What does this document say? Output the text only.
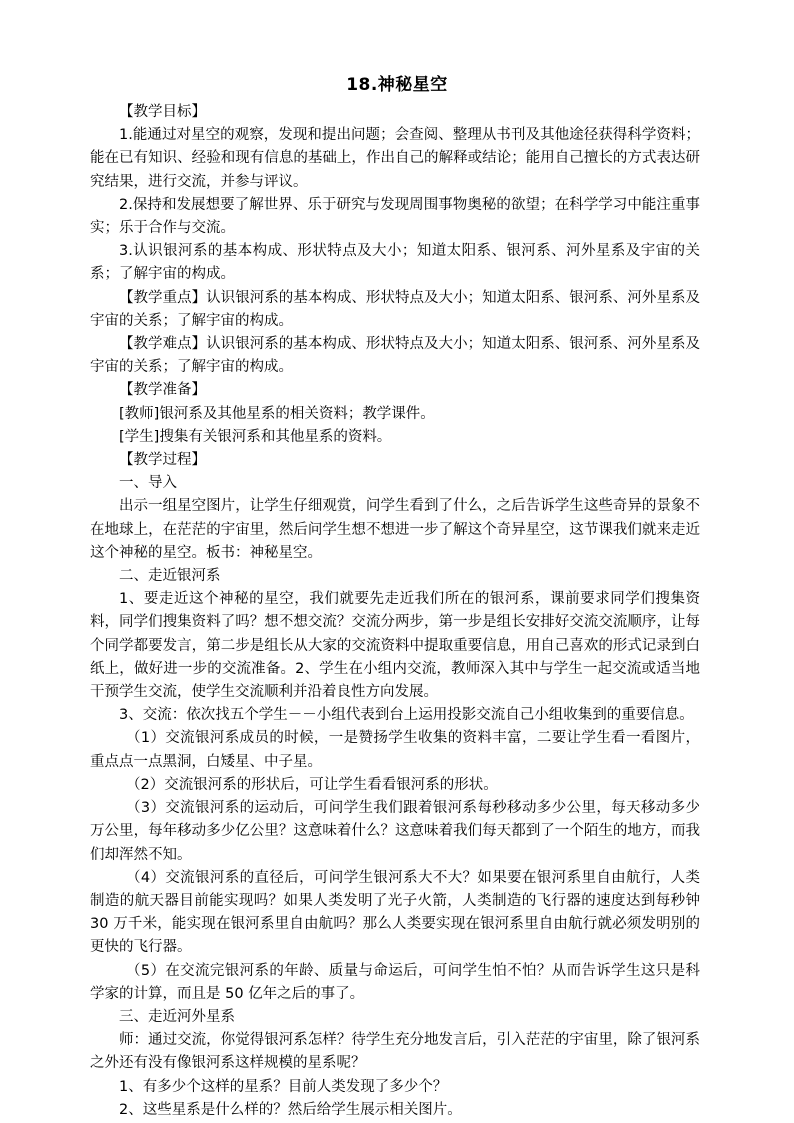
18.神秘星空

【教学目标】

1.能通过对星空的观察，发现和提出问题；会查阅、整理从书刊及其他途径获得科学资料；能在已有知识、经验和现有信息的基础上，作出自己的解释或结论；能用自己擅长的方式表达研究结果，进行交流，并参与评议。

2.保持和发展想要了解世界、乐于研究与发现周围事物奥秘的欲望；在科学学习中能注重事实；乐于合作与交流。

3.认识银河系的基本构成、形状特点及大小；知道太阳系、银河系、河外星系及宇宙的关系；了解宇宙的构成。

【教学重点】认识银河系的基本构成、形状特点及大小；知道太阳系、银河系、河外星系及宇宙的关系；了解宇宙的构成。

【教学难点】认识银河系的基本构成、形状特点及大小；知道太阳系、银河系、河外星系及宇宙的关系；了解宇宙的构成。

【教学准备】

[教师]银河系及其他星系的相关资料；教学课件。

[学生]搜集有关银河系和其他星系的资料。

【教学过程】

一、导入

出示一组星空图片，让学生仔细观赏，问学生看到了什么，之后告诉学生这些奇异的景象不在地球上，在茫茫的宇宙里，然后问学生想不想进一步了解这个奇异星空，这节课我们就来走近这个神秘的星空。板书：神秘星空。

二、走近银河系

1、要走近这个神秘的星空，我们就要先走近我们所在的银河系，课前要求同学们搜集资料，同学们搜集资料了吗？想不想交流？交流分两步，第一步是组长安排好交流交流顺序，让每个同学都要发言，第二步是组长从大家的交流资料中提取重要信息，用自己喜欢的形式记录到白纸上，做好进一步的交流准备。2、学生在小组内交流，教师深入其中与学生一起交流或适当地干预学生交流，使学生交流顺利并沿着良性方向发展。

3、交流：依次找五个学生－－小组代表到台上运用投影交流自己小组收集到的重要信息。

（1）交流银河系成员的时候，一是赞扬学生收集的资料丰富，二要让学生看一看图片，重点点一点黑洞，白矮星、中子星。

（2）交流银河系的形状后，可让学生看看银河系的形状。

（3）交流银河系的运动后，可问学生我们跟着银河系每秒移动多少公里，每天移动多少万公里，每年移动多少亿公里？这意味着什么？这意味着我们每天都到了一个陌生的地方，而我们却浑然不知。

（4）交流银河系的直径后，可问学生银河系大不大？如果要在银河系里自由航行，人类制造的航天器目前能实现吗？如果人类发明了光子火箭，人类制造的飞行器的速度达到每秒钟 30 万千米，能实现在银河系里自由航吗？那么人类要实现在银河系里自由航行就必须发明别的更快的飞行器。

（5）在交流完银河系的年龄、质量与命运后，可问学生怕不怕？从而告诉学生这只是科学家的计算，而且是 50 亿年之后的事了。

三、走近河外星系

师：通过交流，你觉得银河系怎样？待学生充分地发言后，引入茫茫的宇宙里，除了银河系之外还有没有像银河系这样规模的星系呢？

1、有多少个这样的星系？目前人类发现了多少个？

2、这些星系是什么样的？然后给学生展示相关图片。
